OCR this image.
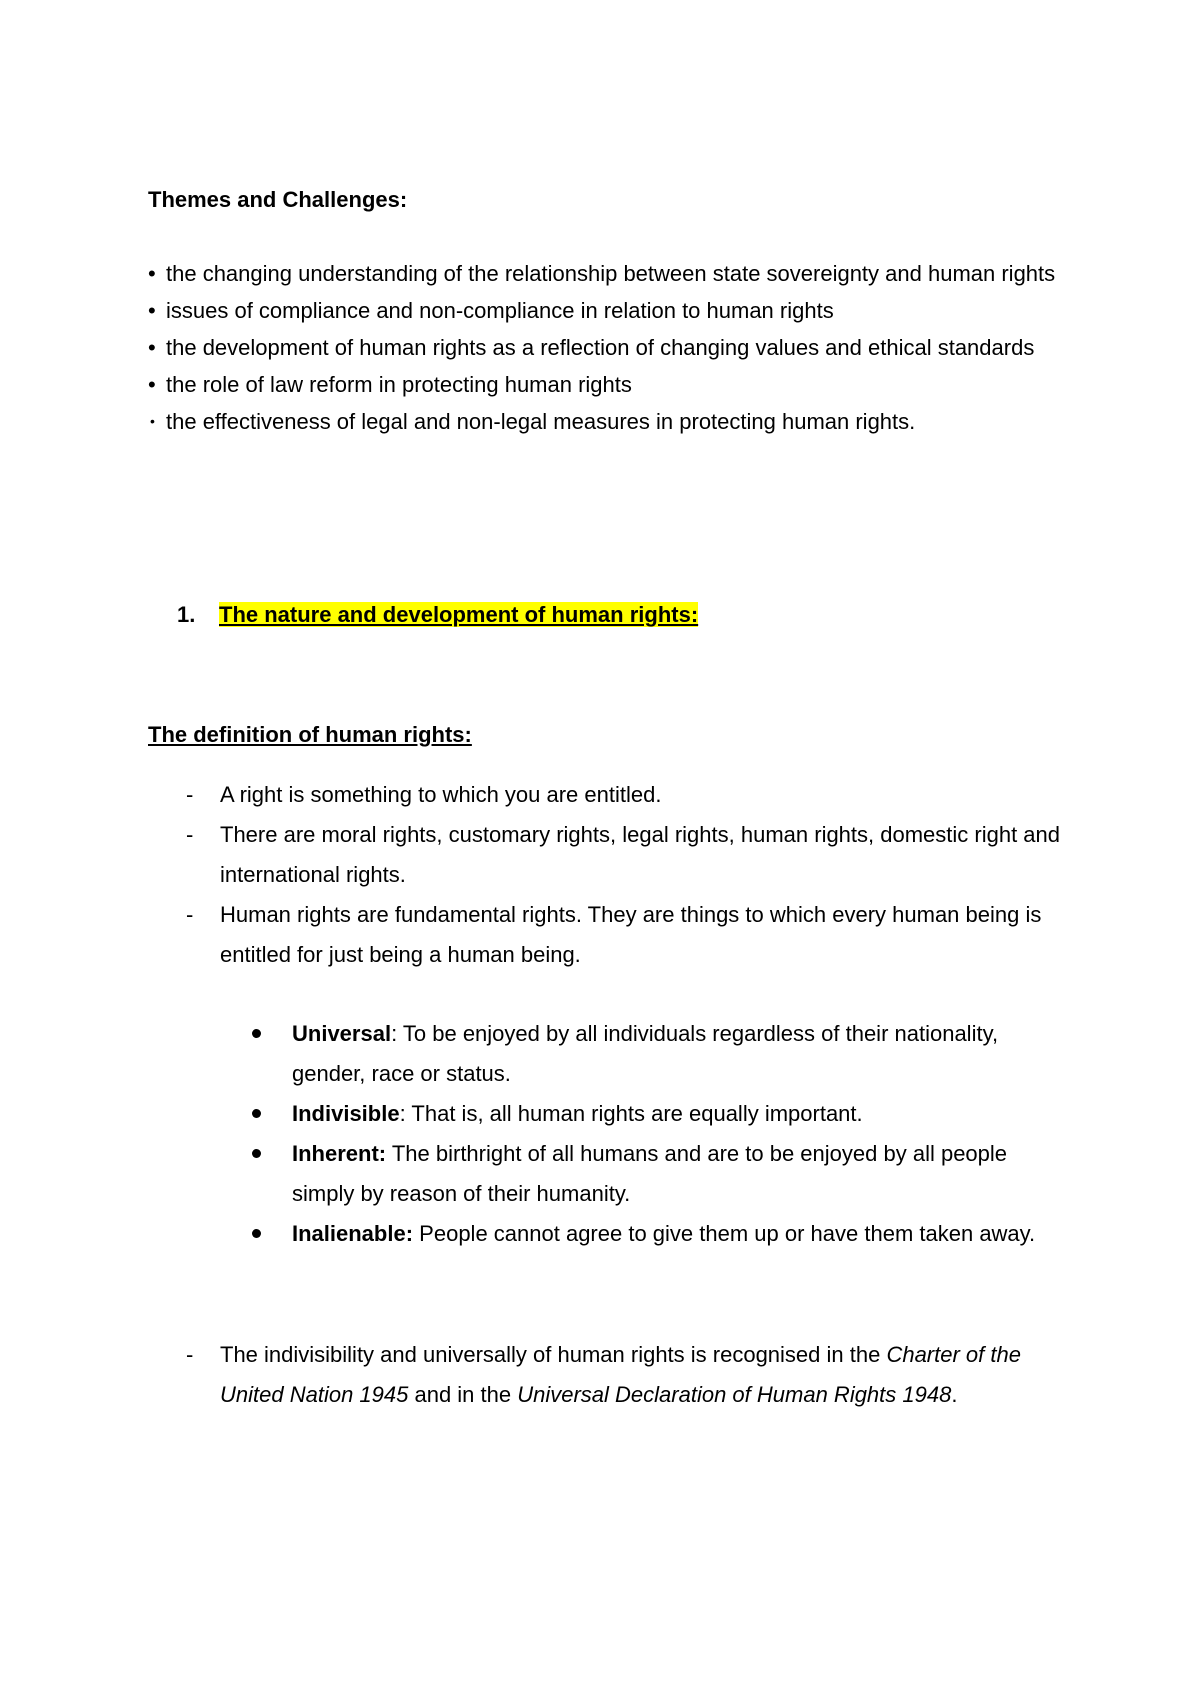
Themes and Challenges:
• the changing understanding of the relationship between state sovereignty and human rights
• issues of compliance and non-compliance in relation to human rights
• the development of human rights as a reflection of changing values and ethical standards
• the role of law reform in protecting human rights
• the effectiveness of legal and non-legal measures in protecting human rights.
1. The nature and development of human rights:
The definition of human rights:
- A right is something to which you are entitled.
- There are moral rights, customary rights, legal rights, human rights, domestic right and international rights.
- Human rights are fundamental rights. They are things to which every human being is entitled for just being a human being.
Universal: To be enjoyed by all individuals regardless of their nationality, gender, race or status.
Indivisible: That is, all human rights are equally important.
Inherent: The birthright of all humans and are to be enjoyed by all people simply by reason of their humanity.
Inalienable: People cannot agree to give them up or have them taken away.
- The indivisibility and universally of human rights is recognised in the Charter of the United Nation 1945 and in the Universal Declaration of Human Rights 1948.
